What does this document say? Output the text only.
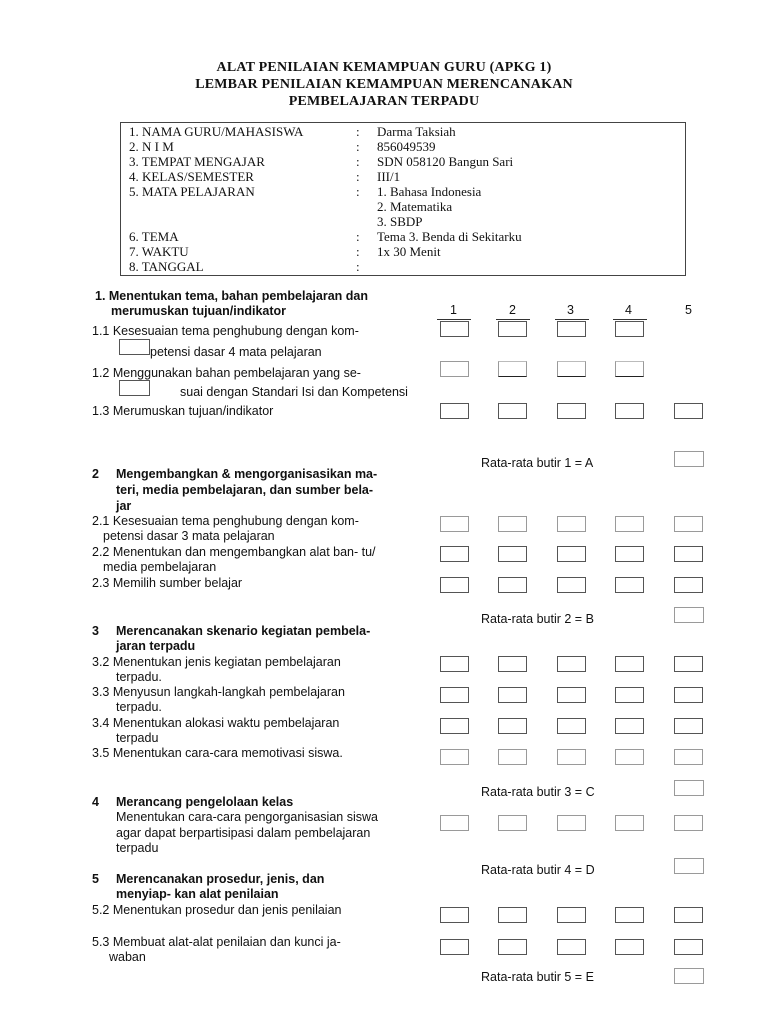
ALAT PENILAIAN KEMAMPUAN GURU (APKG 1)
LEMBAR PENILAIAN KEMAMPUAN MERENCANAKAN
PEMBELAJARAN TERPADU
1. NAMA GURU/MAHASISWA	: Darma Taksiah
2. N I M	: 856049539
3. TEMPAT MENGAJAR	: SDN 058120 Bangun Sari
4. KELAS/SEMESTER	: III/1
5. MATA PELAJARAN	: 1. Bahasa Indonesia
2. Matematika
3. SBDP
6. TEMA	: Tema 3. Benda di Sekitarku
7. WAKTU	: 1x 30 Menit
8. TANGGAL	:
1	2	3	4	5
1. Menentukan tema, bahan pembelajaran dan
merumuskan tujuan/indikator
1.1 Kesesuaian tema penghubung dengan kom-
petensi dasar 4 mata pelajaran
1.2 Menggunakan bahan pembelajaran yang se-
suai dengan Standari Isi dan Kompetensi
1.3 Merumuskan tujuan/indikator
Rata-rata butir 1 = A
2 Mengembangkan & mengorganisasikan ma-
teri, media pembelajaran, dan sumber bela-
jar
2.1 Kesesuaian tema penghubung dengan kom-
petensi dasar 3 mata pelajaran
2.2 Menentukan dan mengembangkan alat ban- tu/
media pembelajaran
2.3 Memilih sumber belajar
Rata-rata butir 2 = B
3 Merencanakan skenario kegiatan pembela-
jaran terpadu
3.2 Menentukan jenis kegiatan pembelajaran
terpadu.
3.3 Menyusun langkah-langkah pembelajaran
terpadu.
3.4 Menentukan alokasi waktu pembelajaran
terpadu
3.5 Menentukan cara-cara memotivasi siswa.
Rata-rata butir 3 = C
4 Merancang pengelolaan kelas
Menentukan cara-cara pengorganisasian siswa
agar dapat berpartisipasi dalam pembelajaran
terpadu
Rata-rata butir 4 = D
5 Merencanakan prosedur, jenis, dan
menyiap- kan alat penilaian
5.2 Menentukan prosedur dan jenis penilaian
5.3 Membuat alat-alat penilaian dan kunci ja-
waban
Rata-rata butir 5 = E
